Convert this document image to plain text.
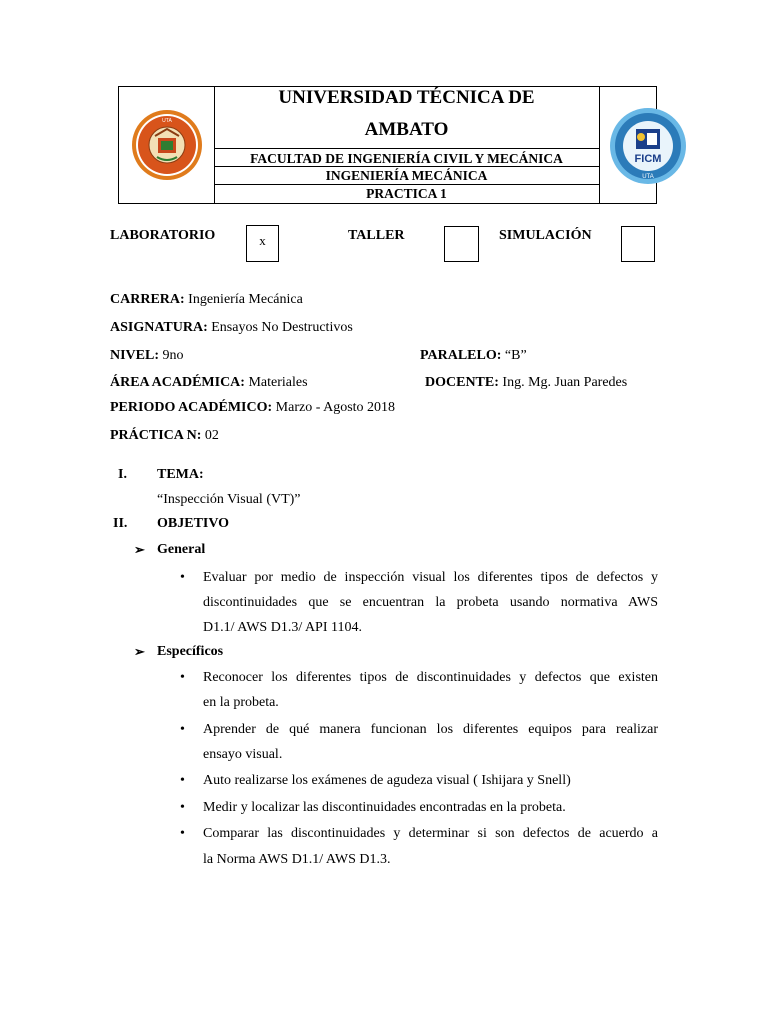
UNIVERSIDAD TÉCNICA DE
AMBATO
FACULTAD DE INGENIERÍA CIVIL Y MECÁNICA
INGENIERÍA MECÁNICA
PRACTICA 1
UTA
FICM
UTA
LABORATORIO	x	TALLER	SIMULACIÓN
CARRERA: Ingeniería Mecánica
ASIGNATURA: Ensayos No Destructivos
NIVEL: 9no	PARALELO: “B”
ÁREA ACADÉMICA: Materiales	DOCENTE: Ing. Mg. Juan Paredes
PERIODO ACADÉMICO: Marzo - Agosto 2018
PRÁCTICA N: 02
I. TEMA:
“Inspección Visual (VT)”
II. OBJETIVO
➢ General
• Evaluar por medio de inspección visual los diferentes tipos de defectos y
discontinuidades que se encuentran la probeta usando normativa AWS
D1.1/ AWS D1.3/ API 1104.
➢ Específicos
• Reconocer los diferentes tipos de discontinuidades y defectos que existen
en la probeta.
• Aprender de qué manera funcionan los diferentes equipos para realizar
ensayo visual.
• Auto realizarse los exámenes de agudeza visual ( Ishijara y Snell)
• Medir y localizar las discontinuidades encontradas en la probeta.
• Comparar las discontinuidades y determinar si son defectos de acuerdo a
la Norma AWS D1.1/ AWS D1.3.
